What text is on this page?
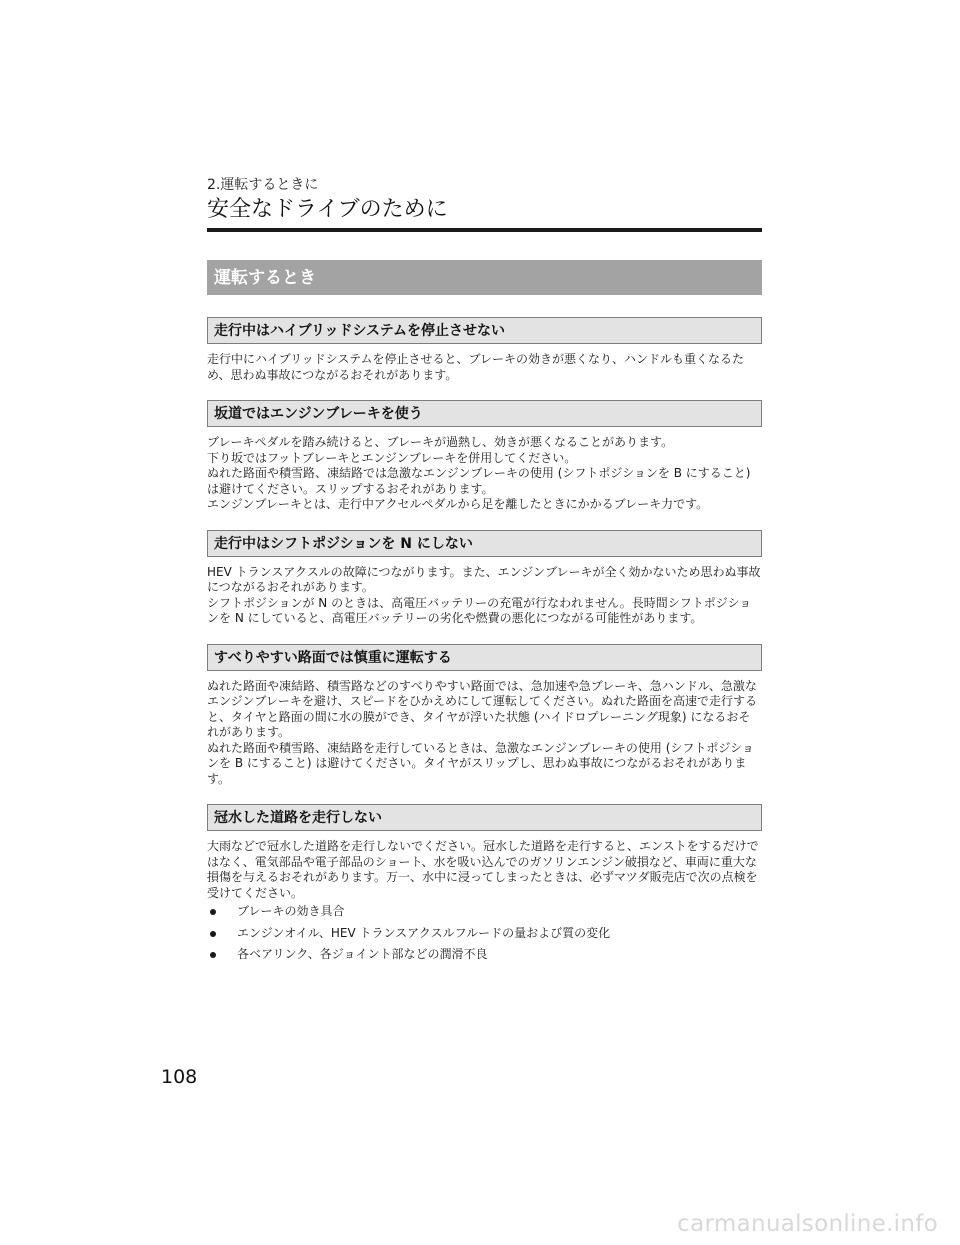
2.運転するときに
安全なドライブのために
運転するとき
走行中はハイブリッドシステムを停止させない

走行中にハイブリッドシステムを停止させると、ブレーキの効きが悪くなり、ハンドルも重くなるため、思わぬ事故につながるおそれがあります。

坂道ではエンジンブレーキを使う

ブレーキペダルを踏み続けると、ブレーキが過熱し、効きが悪くなることがあります。

下り坂ではフットブレーキとエンジンブレーキを併用してください。

ぬれた路面や積雪路、凍結路では急激なエンジンブレーキの使用 (シフトポジションを B にすること) は避けてください。スリップするおそれがあります。

エンジンブレーキとは、走行中アクセルペダルから足を離したときにかかるブレーキ力です。

走行中はシフトポジションを N にしない

HEV トランスアクスルの故障につながります。また、エンジンブレーキが全く効かないため思わぬ事故につながるおそれがあります。

シフトポジションが N のときは、高電圧バッテリーの充電が行なわれません。長時間シフトポジションを N にしていると、高電圧バッテリーの劣化や燃費の悪化につながる可能性があります。

すべりやすい路面では慎重に運転する

ぬれた路面や凍結路、積雪路などのすべりやすい路面では、急加速や急ブレーキ、急ハンドル、急激なエンジンブレーキを避け、スピードをひかえめにして運転してください。ぬれた路面を高速で走行すると、タイヤと路面の間に水の膜ができ、タイヤが浮いた状態 (ハイドロプレーニング現象) になるおそれがあります。

ぬれた路面や積雪路、凍結路を走行しているときは、急激なエンジンブレーキの使用 (シフトポジションを B にすること) は避けてください。タイヤがスリップし、思わぬ事故につながるおそれがあります。

冠水した道路を走行しない

大雨などで冠水した道路を走行しないでください。冠水した道路を走行すると、エンストをするだけではなく、電気部品や電子部品のショート、水を吸い込んでのガソリンエンジン破損など、車両に重大な損傷を与えるおそれがあります。万一、水中に浸ってしまったときは、必ずマツダ販売店で次の点検を受けてください。

ブレーキの効き具合
エンジンオイル、HEV トランスアクスルフルードの量および質の変化
各ベアリンク、各ジョイント部などの潤滑不良
108
carmanualsonline.info
